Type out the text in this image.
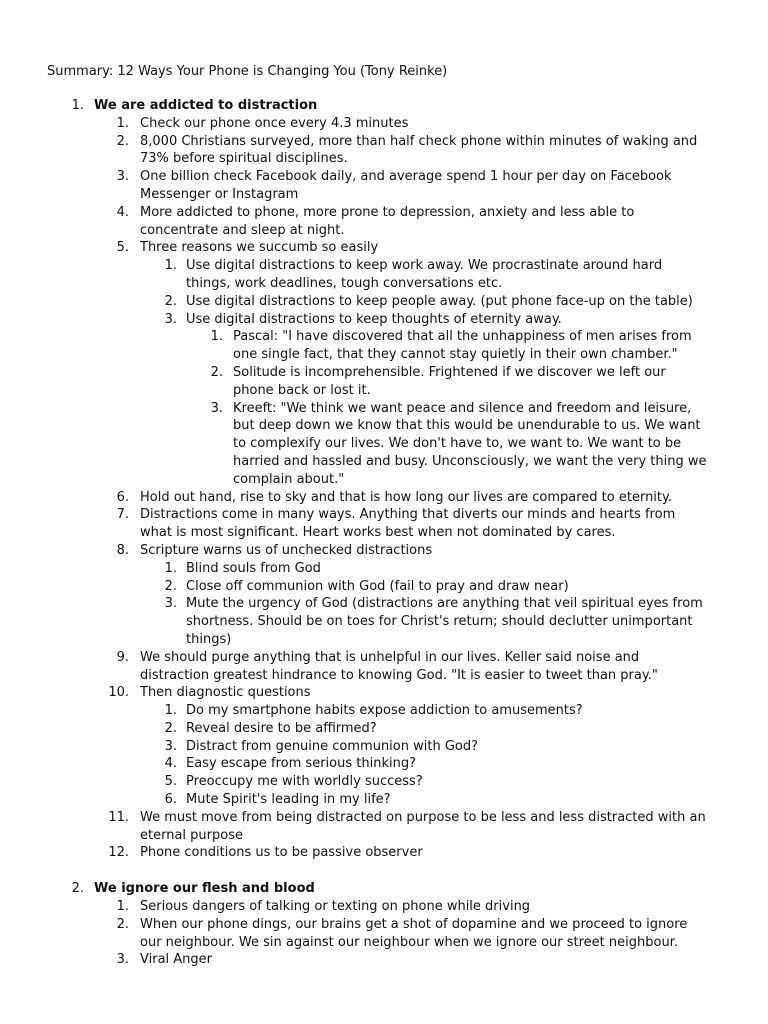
Summary: 12 Ways Your Phone is Changing You (Tony Reinke)
1. We are addicted to distraction
1. Check our phone once every 4.3 minutes
2. 8,000 Christians surveyed, more than half check phone within minutes of waking and 73% before spiritual disciplines.
3. One billion check Facebook daily, and average spend 1 hour per day on Facebook Messenger or Instagram
4. More addicted to phone, more prone to depression, anxiety and less able to concentrate and sleep at night.
5. Three reasons we succumb so easily
1. Use digital distractions to keep work away. We procrastinate around hard things, work deadlines, tough conversations etc.
2. Use digital distractions to keep people away. (put phone face-up on the table)
3. Use digital distractions to keep thoughts of eternity away.
1. Pascal: "I have discovered that all the unhappiness of men arises from one single fact, that they cannot stay quietly in their own chamber."
2. Solitude is incomprehensible. Frightened if we discover we left our phone back or lost it.
3. Kreeft: "We think we want peace and silence and freedom and leisure, but deep down we know that this would be unendurable to us. We want to complexify our lives. We don't have to, we want to. We want to be harried and hassled and busy. Unconsciously, we want the very thing we complain about."
6. Hold out hand, rise to sky and that is how long our lives are compared to eternity.
7. Distractions come in many ways. Anything that diverts our minds and hearts from what is most significant. Heart works best when not dominated by cares.
8. Scripture warns us of unchecked distractions
1. Blind souls from God
2. Close off communion with God (fail to pray and draw near)
3. Mute the urgency of God (distractions are anything that veil spiritual eyes from shortness. Should be on toes for Christ's return; should declutter unimportant things)
9. We should purge anything that is unhelpful in our lives. Keller said noise and distraction greatest hindrance to knowing God. "It is easier to tweet than pray."
10. Then diagnostic questions
1. Do my smartphone habits expose addiction to amusements?
2. Reveal desire to be affirmed?
3. Distract from genuine communion with God?
4. Easy escape from serious thinking?
5. Preoccupy me with worldly success?
6. Mute Spirit's leading in my life?
11. We must move from being distracted on purpose to be less and less distracted with an eternal purpose
12. Phone conditions us to be passive observer
2. We ignore our flesh and blood
1. Serious dangers of talking or texting on phone while driving
2. When our phone dings, our brains get a shot of dopamine and we proceed to ignore our neighbour. We sin against our neighbour when we ignore our street neighbour.
3. Viral Anger
